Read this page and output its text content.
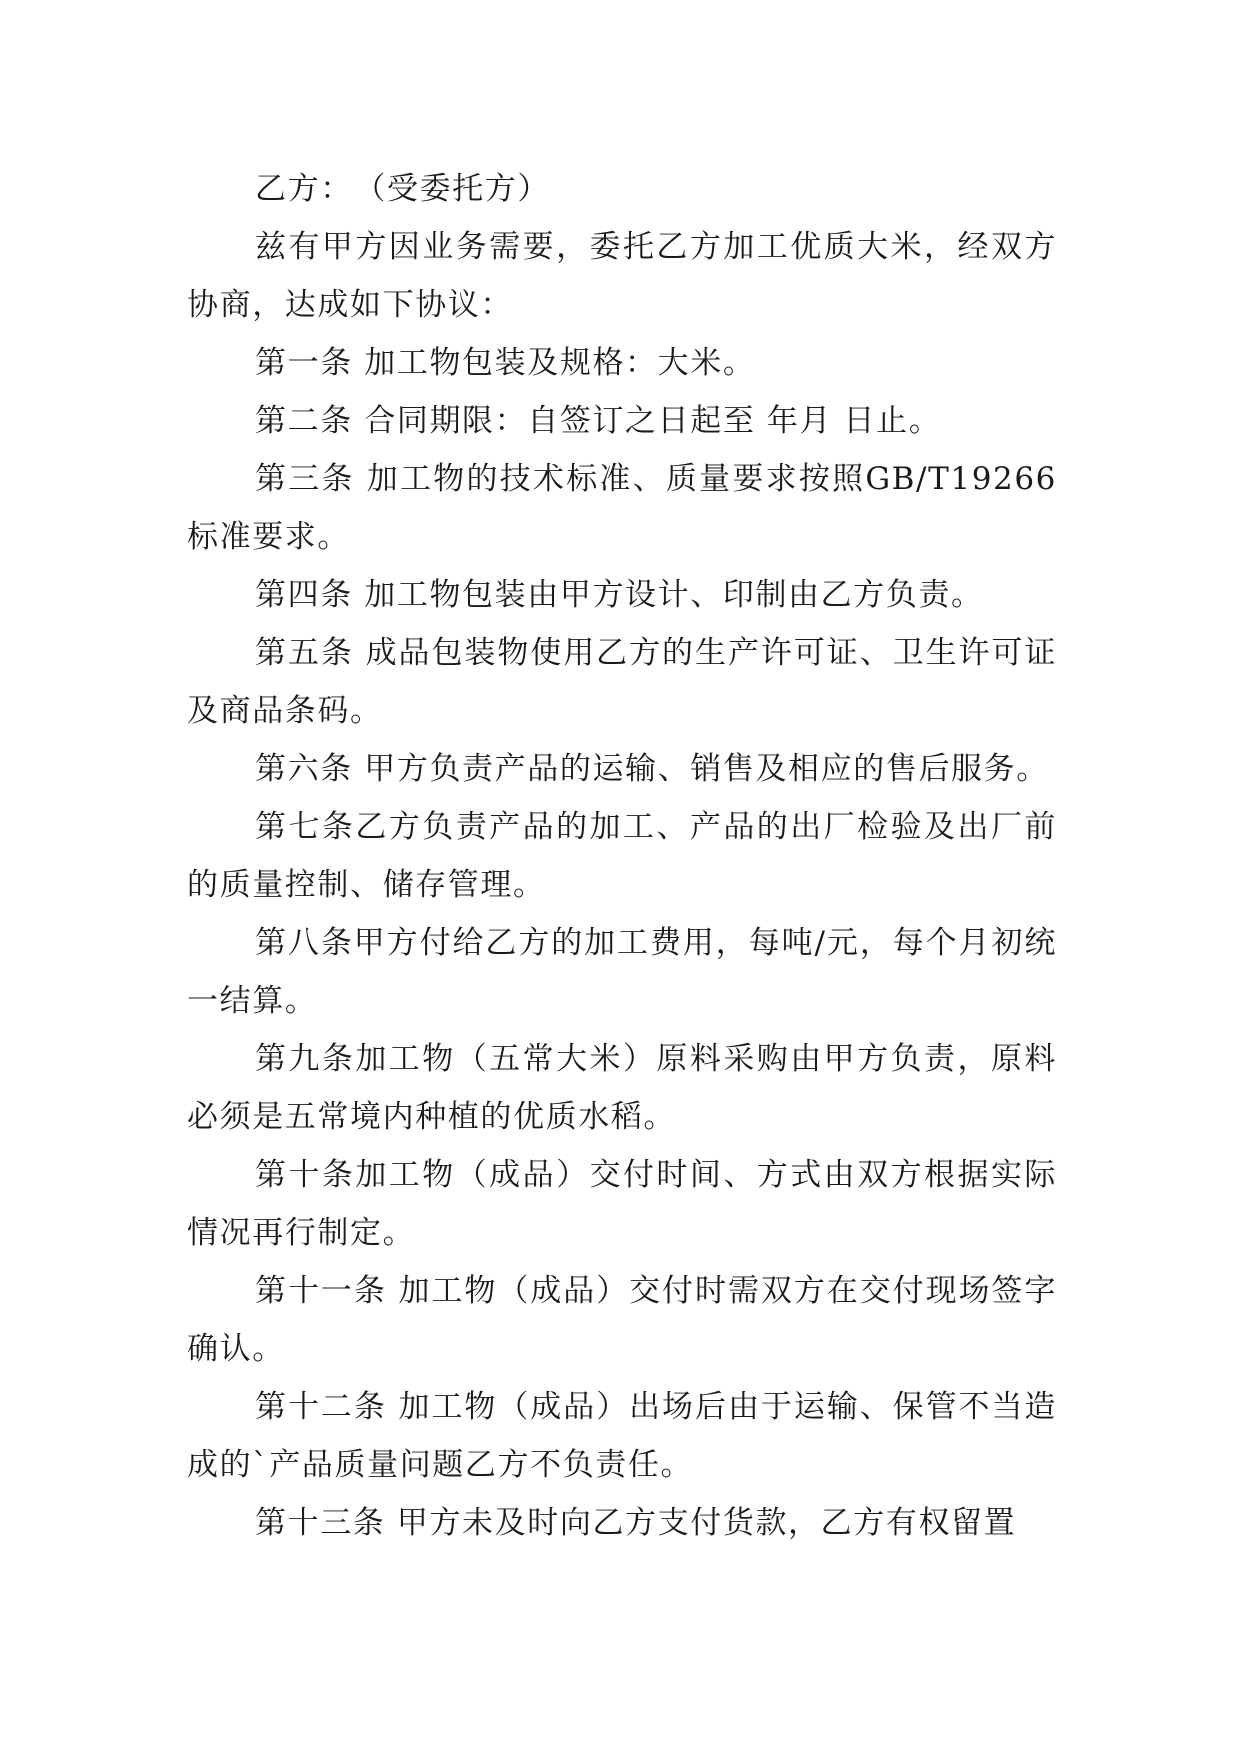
乙方：　（受委托方）

兹有甲方因业务需要，委托乙方加工优质大米，经双方协商，达成如下协议：

第一条 加工物包装及规格：大米。

第二条 合同期限：自签订之日起至 年月 日止。

第三条 加工物的技术标准、质量要求按照GB/T19266标准要求。

第四条 加工物包装由甲方设计、印制由乙方负责。

第五条 成品包装物使用乙方的生产许可证、卫生许可证及商品条码。

第六条 甲方负责产品的运输、销售及相应的售后服务。

第七条乙方负责产品的加工、产品的出厂检验及出厂前的质量控制、储存管理。

第八条甲方付给乙方的加工费用，每吨/元，每个月初统一结算。

第九条加工物（五常大米）原料采购由甲方负责，原料必须是五常境内种植的优质水稻。

第十条加工物（成品）交付时间、方式由双方根据实际情况再行制定。

第十一条 加工物（成品）交付时需双方在交付现场签字确认。

第十二条 加工物（成品）出场后由于运输、保管不当造成的`产品质量问题乙方不负责任。

第十三条 甲方未及时向乙方支付货款，乙方有权留置
